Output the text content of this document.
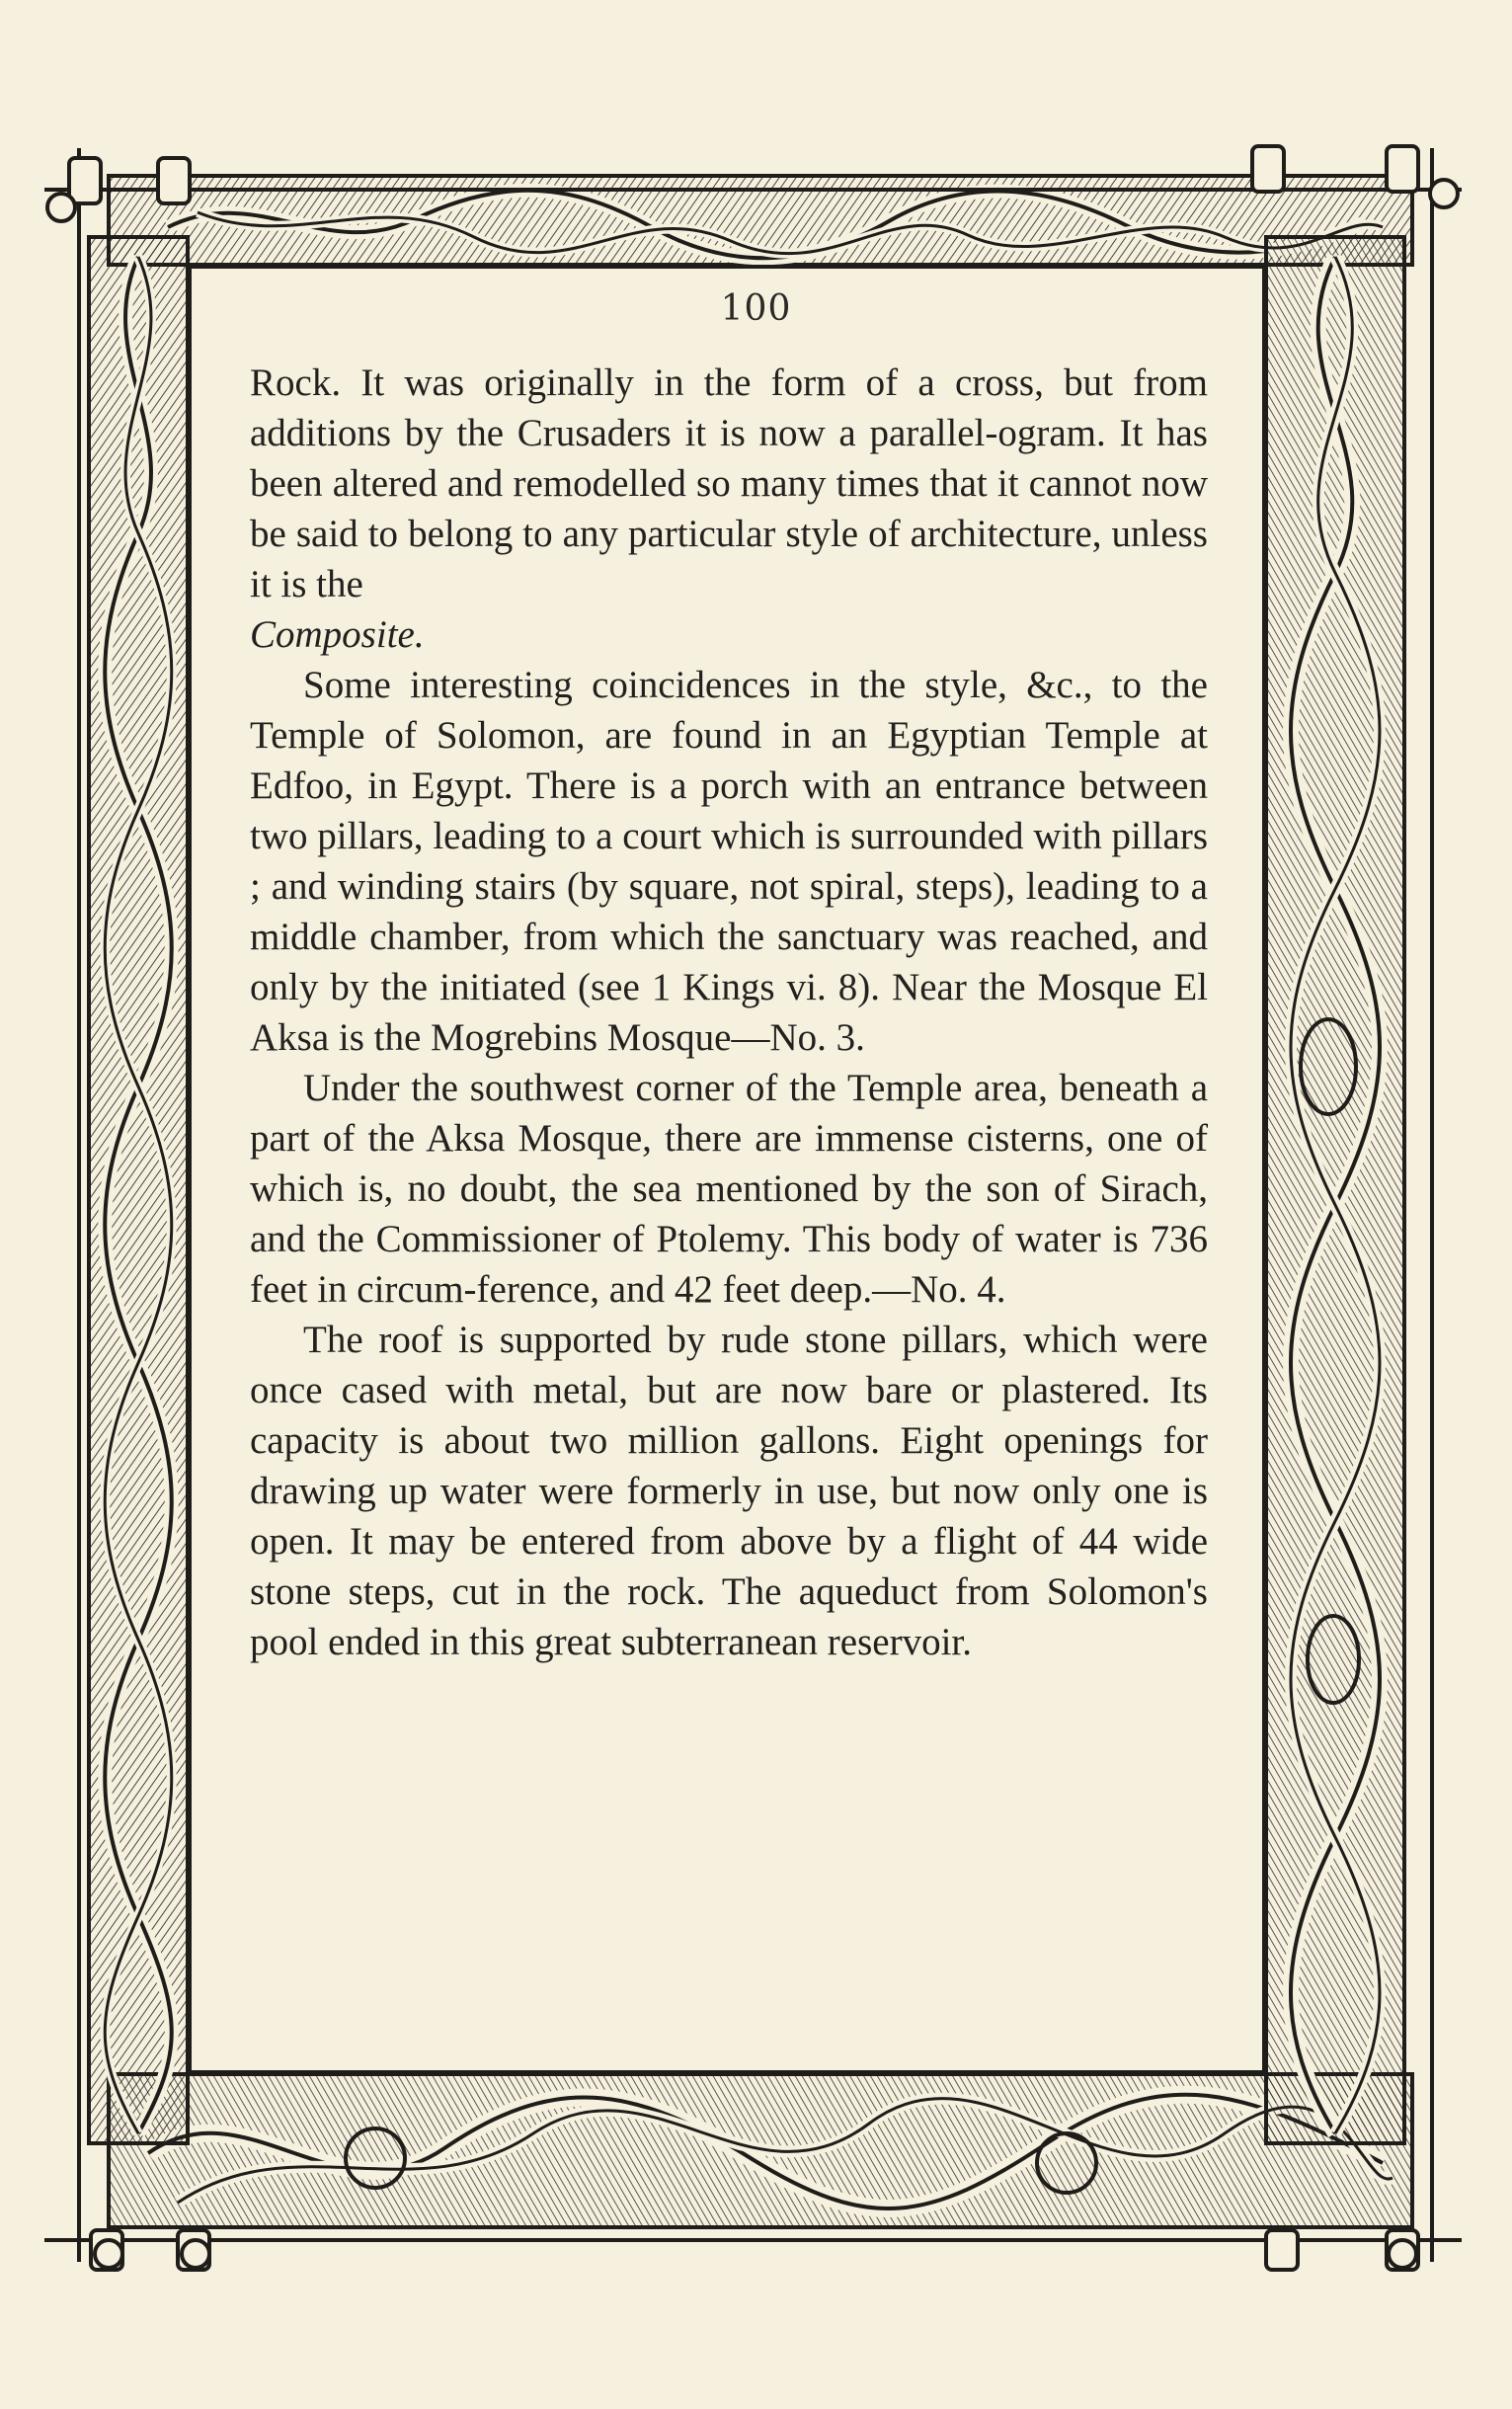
100

Rock. It was originally in the form of a cross, but from additions by the Crusaders it is now a parallel-ogram. It has been altered and remodelled so many times that it cannot now be said to belong to any particular style of architecture, unless it is the
Composite.

Some interesting coincidences in the style, &c., to the Temple of Solomon, are found in an Egyptian Temple at Edfoo, in Egypt. There is a porch with an entrance between two pillars, leading to a court which is surrounded with pillars ; and winding stairs (by square, not spiral, steps), leading to a middle chamber, from which the sanctuary was reached, and only by the initiated (see 1 Kings vi. 8). Near the Mosque El Aksa is the Mogrebins Mosque—No. 3.

Under the southwest corner of the Temple area, beneath a part of the Aksa Mosque, there are immense cisterns, one of which is, no doubt, the sea mentioned by the son of Sirach, and the Commissioner of Ptolemy. This body of water is 736 feet in circum-ference, and 42 feet deep.—No. 4.

The roof is supported by rude stone pillars, which were once cased with metal, but are now bare or plastered. Its capacity is about two million gallons. Eight openings for drawing up water were formerly in use, but now only one is open. It may be entered from above by a flight of 44 wide stone steps, cut in the rock. The aqueduct from Solomon's pool ended in this great subterranean reservoir.
